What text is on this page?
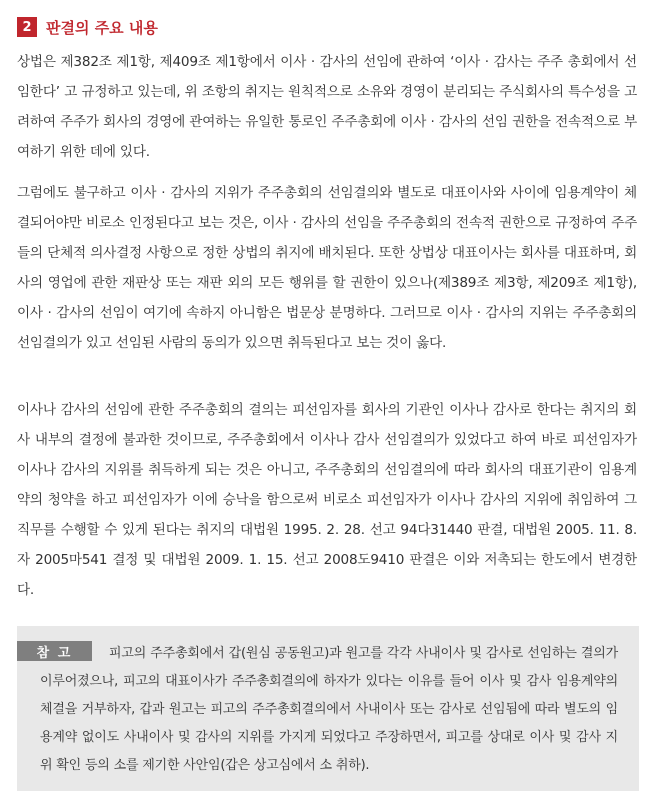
2 판결의 주요 내용

상법은 제382조 제1항, 제409조 제1항에서 이사 · 감사의 선임에 관하여 ‘이사 · 감사는 주주 총회에서 선임한다’ 고 규정하고 있는데, 위 조항의 취지는 원칙적으로 소유와 경영이 분리되는 주식회사의 특수성을 고려하여 주주가 회사의 경영에 관여하는 유일한 통로인 주주총회에 이사 · 감사의 선임 권한을 전속적으로 부여하기 위한 데에 있다.

그럼에도 불구하고 이사 · 감사의 지위가 주주총회의 선임결의와 별도로 대표이사와 사이에 임용계약이 체결되어야만 비로소 인정된다고 보는 것은, 이사 · 감사의 선임을 주주총회의 전속적 권한으로 규정하여 주주들의 단체적 의사결정 사항으로 정한 상법의 취지에 배치된다. 또한 상법상 대표이사는 회사를 대표하며, 회사의 영업에 관한 재판상 또는 재판 외의 모든 행위를 할 권한이 있으나(제389조 제3항, 제209조 제1항), 이사 · 감사의 선임이 여기에 속하지 아니함은 법문상 분명하다. 그러므로 이사 · 감사의 지위는 주주총회의 선임결의가 있고 선임된 사람의 동의가 있으면 취득된다고 보는 것이 옳다.

이사나 감사의 선임에 관한 주주총회의 결의는 피선임자를 회사의 기관인 이사나 감사로 한다는 취지의 회사 내부의 결정에 불과한 것이므로, 주주총회에서 이사나 감사 선임결의가 있었다고 하여 바로 피선임자가 이사나 감사의 지위를 취득하게 되는 것은 아니고, 주주총회의 선임결의에 따라 회사의 대표기관이 임용계약의 청약을 하고 피선임자가 이에 승낙을 함으로써 비로소 피선임자가 이사나 감사의 지위에 취임하여 그 직무를 수행할 수 있게 된다는 취지의 대법원 1995. 2. 28. 선고 94다31440 판결, 대법원 2005. 11. 8.자 2005마541 결정 및 대법원 2009. 1. 15. 선고 2008도9410 판결은 이와 저촉되는 한도에서 변경한다.

참 고	피고의 주주총회에서 갑(원심 공동원고)과 원고를 각각 사내이사 및 감사로 선임하는 결의가 이루어졌으나, 피고의 대표이사가 주주총회결의에 하자가 있다는 이유를 들어 이사 및 감사 임용계약의 체결을 거부하자, 갑과 원고는 피고의 주주총회결의에서 사내이사 또는 감사로 선임됨에 따라 별도의 임용계약 없이도 사내이사 및 감사의 지위를 가지게 되었다고 주장하면서, 피고를 상대로 이사 및 감사 지위 확인 등의 소를 제기한 사안임(갑은 상고심에서 소 취하).
